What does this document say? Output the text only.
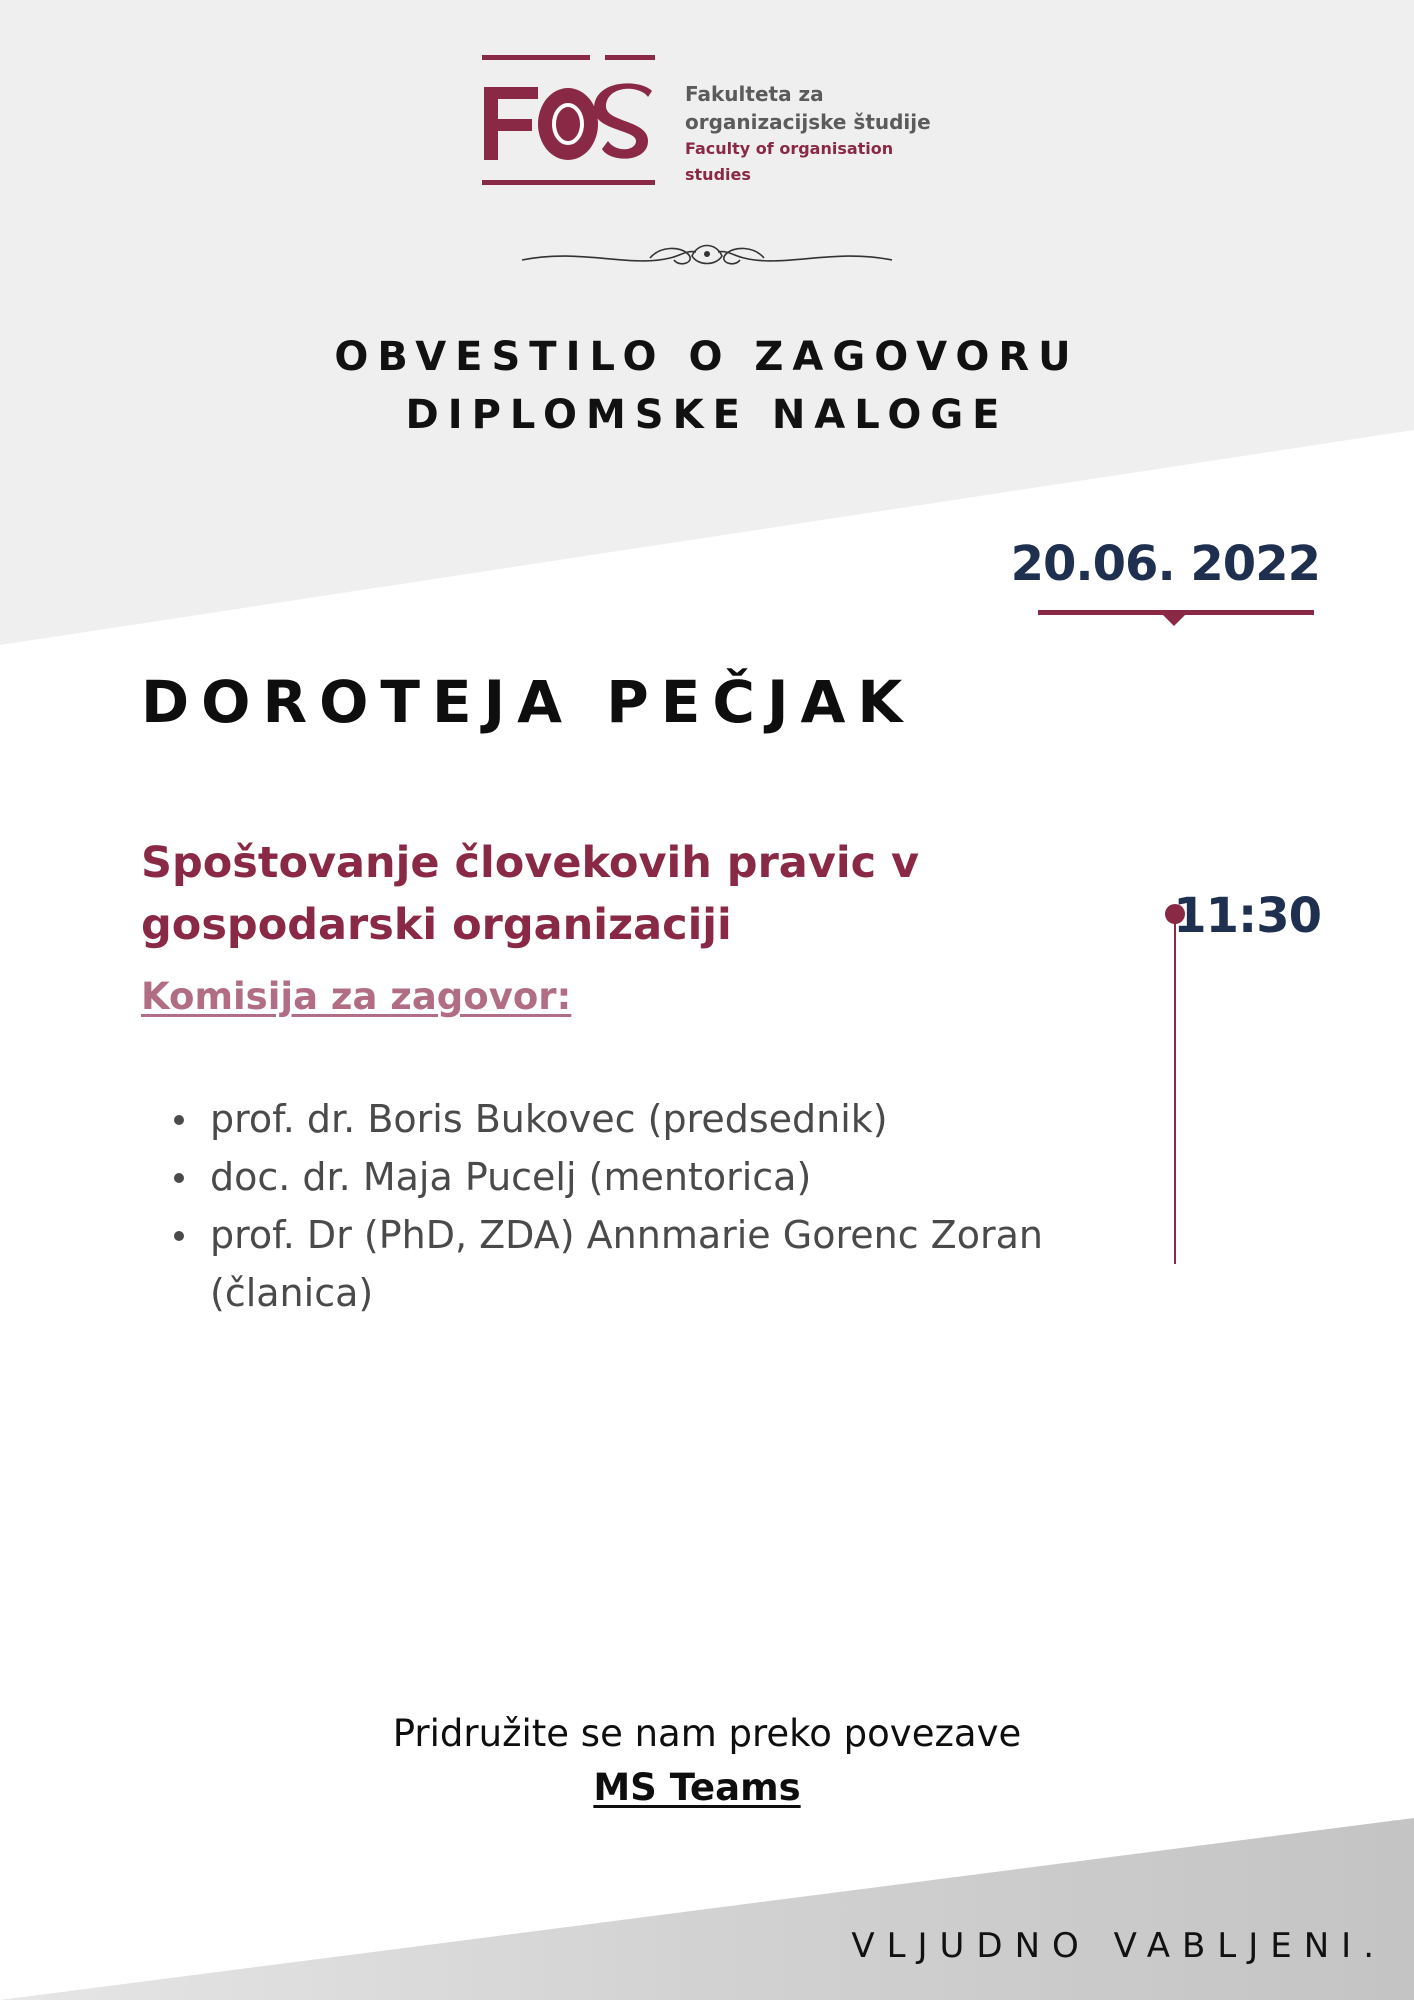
Fakulteta za
organizacijske študije
Faculty of organisation studies
OBVESTILO O ZAGOVORU
DIPLOMSKE NALOGE
20.06. 2022
DOROTEJA PEČJAK
Spoštovanje človekovih pravic v gospodarski organizaciji
Komisija za zagovor:
prof. dr. Boris Bukovec (predsednik)
doc. dr. Maja Pucelj (mentorica)
prof. Dr (PhD, ZDA) Annmarie Gorenc Zoran (članica)
11:30
Pridružite se nam preko povezave
MS Teams
VLJUDNO VABLJENI.
